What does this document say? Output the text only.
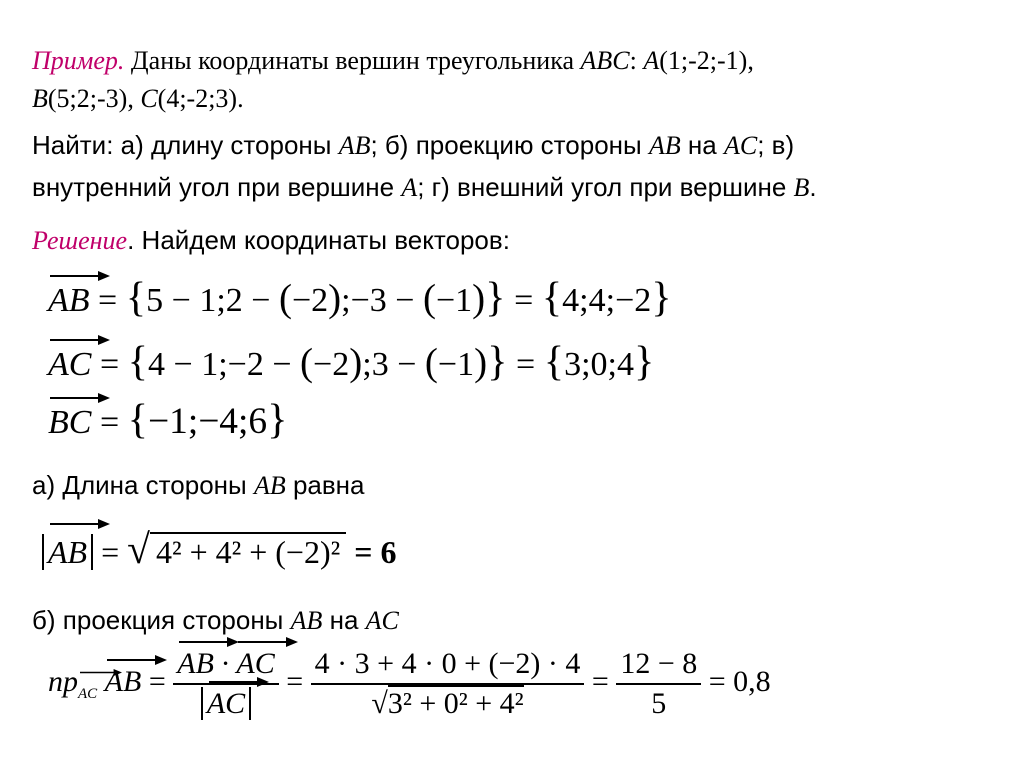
Пример. Даны координаты вершин треугольника ABC: A(1;-2;-1),
B(5;2;-3), C(4;-2;3).
Найти: а) длину стороны AB; б) проекцию стороны AB на AC; в)
внутренний угол при вершине A; г) внешний угол при вершине B.
Решение. Найдем координаты векторов:
AB = {5 − 1;2 − (−2);−3 − (−1)} = {4;4;−2}
AC = {4 − 1;−2 − (−2);3 − (−1)} = {3;0;4}
BC = {−1;−4;6}
а) Длина стороны AB равна
AB = √ 4² + 4² + (−2)² = 6
б) проекция стороны AB на AC
пр
$_{AC}$ AB = AB ·
AC
AC = $\frac{4 \cdot 3 + 4 \cdot 0 + (-2) \cdot 4}{\text{√3² + 0² + 4²}} = \frac{12 - 8}{5} = 0,8$
